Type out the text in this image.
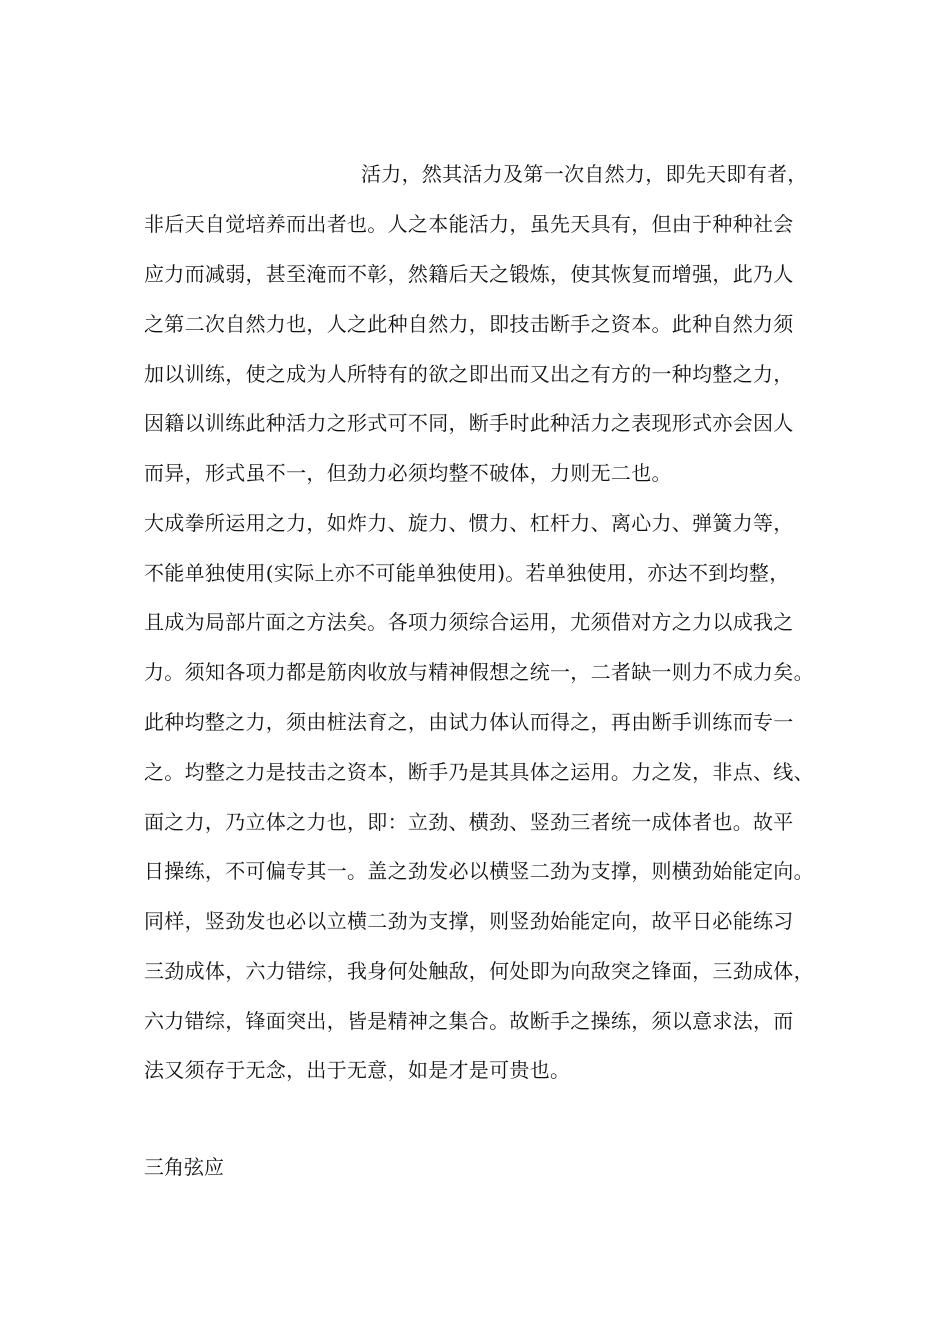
活力，然其活力及第一次自然力，即先天即有者，
非后天自觉培养而出者也。人之本能活力，虽先天具有，但由于种种社会
应力而减弱，甚至淹而不彰，然籍后天之锻炼，使其恢复而增强，此乃人
之第二次自然力也，人之此种自然力，即技击断手之资本。此种自然力须
加以训练，使之成为人所特有的欲之即出而又出之有方的一种均整之力，
因籍以训练此种活力之形式可不同，断手时此种活力之表现形式亦会因人
而异，形式虽不一，但劲力必须均整不破体，力则无二也。
大成拳所运用之力，如炸力、旋力、惯力、杠杆力、离心力、弹簧力等，
不能单独使用(实际上亦不可能单独使用)。若单独使用，亦达不到均整，
且成为局部片面之方法矣。各项力须综合运用，尤须借对方之力以成我之
力。须知各项力都是筋肉收放与精神假想之统一，二者缺一则力不成力矣。
此种均整之力，须由桩法育之，由试力体认而得之，再由断手训练而专一
之。均整之力是技击之资本，断手乃是其具体之运用。力之发，非点、线、
面之力，乃立体之力也，即：立劲、横劲、竖劲三者统一成体者也。故平
日操练，不可偏专其一。盖之劲发必以横竖二劲为支撑，则横劲始能定向。
同样，竖劲发也必以立横二劲为支撑，则竖劲始能定向，故平日必能练习
三劲成体，六力错综，我身何处触敌，何处即为向敌突之锋面，三劲成体，
六力错综，锋面突出，皆是精神之集合。故断手之操练，须以意求法，而
法又须存于无念，出于无意，如是才是可贵也。
三角弦应
